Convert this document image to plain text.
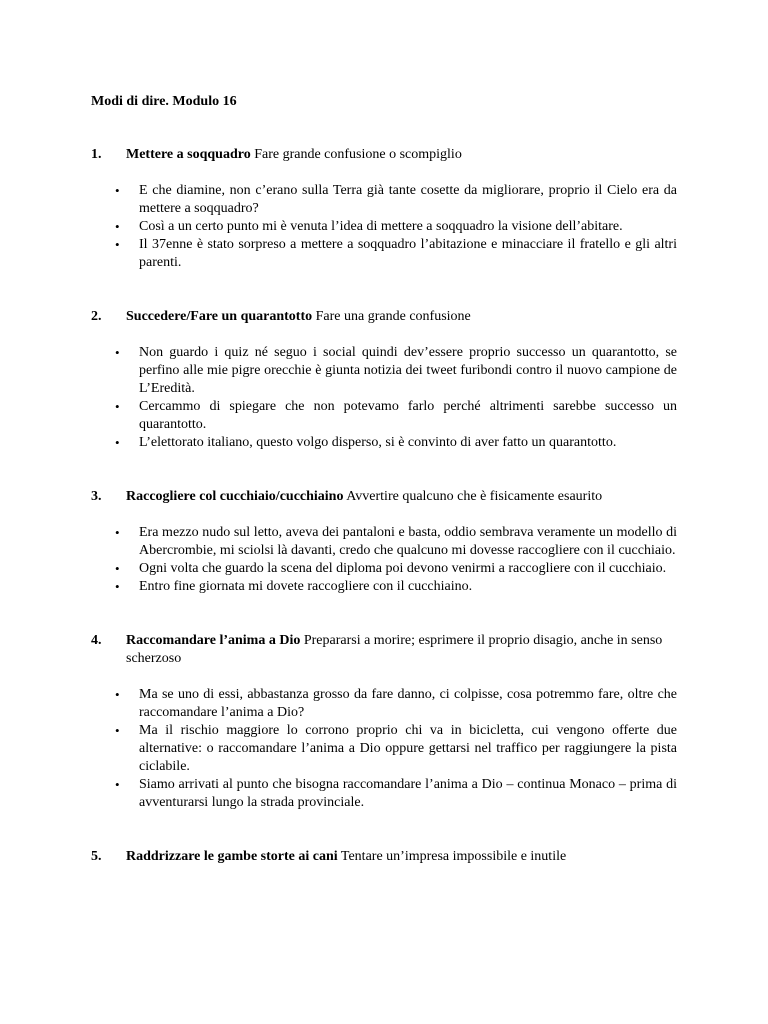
Modi di dire. Modulo 16

1. Mettere a soqquadro Fare grande confusione o scompiglio

• E che diamine, non c’erano sulla Terra già tante cosette da migliorare, proprio il Cielo era da mettere a soqquadro?
• Così a un certo punto mi è venuta l’idea di mettere a soqquadro la visione dell’abitare.
• Il 37enne è stato sorpreso a mettere a soqquadro l’abitazione e minacciare il fratello e gli altri parenti.

2. Succedere/Fare un quarantotto Fare una grande confusione

• Non guardo i quiz né seguo i social quindi dev’essere proprio successo un quarantotto, se perfino alle mie pigre orecchie è giunta notizia dei tweet furibondi contro il nuovo campione de L’Eredità.
• Cercammo di spiegare che non potevamo farlo perché altrimenti sarebbe successo un quarantotto.
• L’elettorato italiano, questo volgo disperso, si è convinto di aver fatto un quarantotto.

3. Raccogliere col cucchiaio/cucchiaino Avvertire qualcuno che è fisicamente esaurito

• Era mezzo nudo sul letto, aveva dei pantaloni e basta, oddio sembrava veramente un modello di Abercrombie, mi sciolsi là davanti, credo che qualcuno mi dovesse raccogliere con il cucchiaio.
• Ogni volta che guardo la scena del diploma poi devono venirmi a raccogliere con il cucchiaio.
• Entro fine giornata mi dovete raccogliere con il cucchiaino.

4. Raccomandare l’anima a Dio Prepararsi a morire; esprimere il proprio disagio, anche in senso scherzoso

• Ma se uno di essi, abbastanza grosso da fare danno, ci colpisse, cosa potremmo fare, oltre che raccomandare l’anima a Dio?
• Ma il rischio maggiore lo corrono proprio chi va in bicicletta, cui vengono offerte due alternative: o raccomandare l’anima a Dio oppure gettarsi nel traffico per raggiungere la pista ciclabile.
• Siamo arrivati al punto che bisogna raccomandare l’anima a Dio – continua Monaco – prima di avventurarsi lungo la strada provinciale.

5. Raddrizzare le gambe storte ai cani Tentare un’impresa impossibile e inutile
